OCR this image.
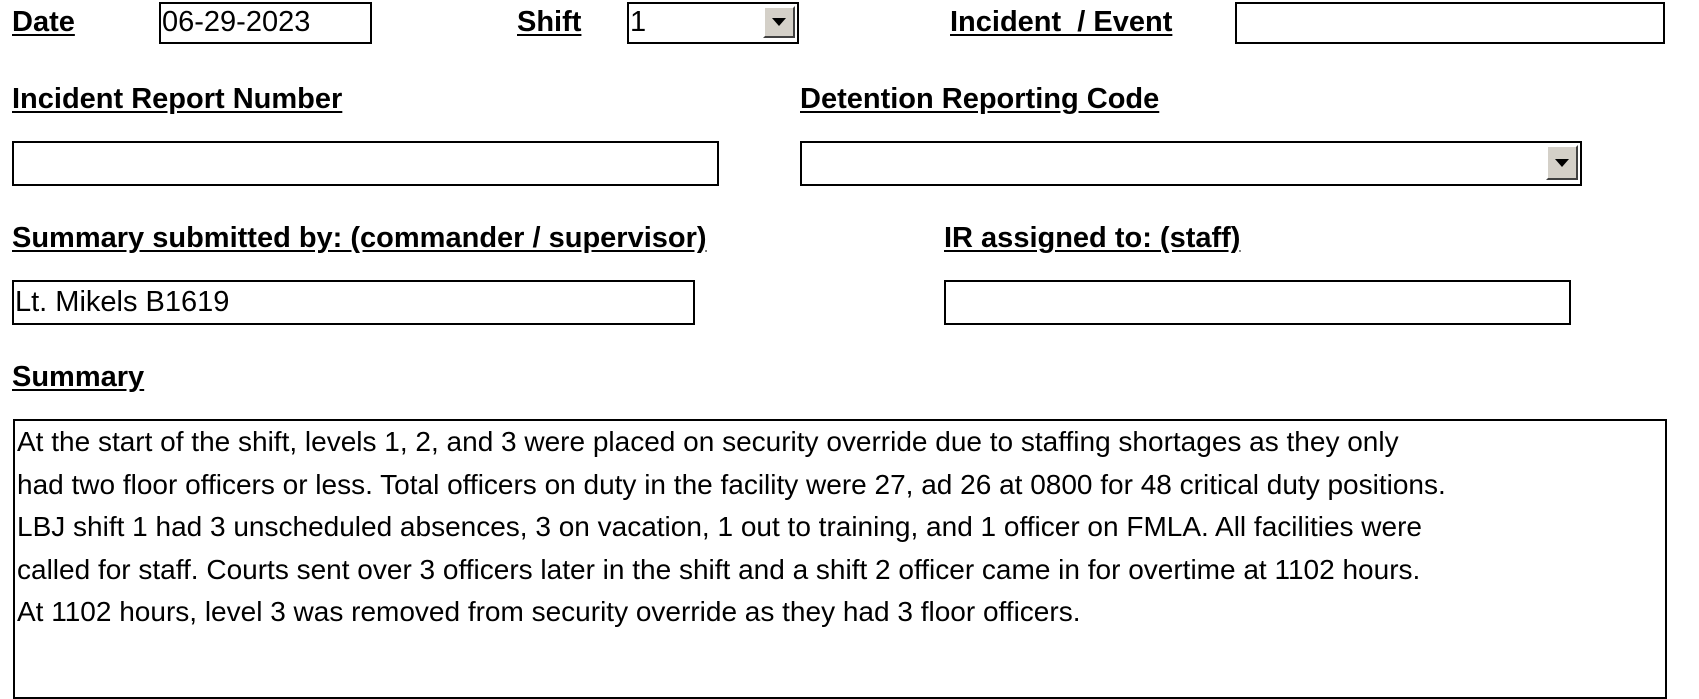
Date	06-29-2023	Shift 1	Incident  / Event
Incident Report Number	Detention Reporting Code
Summary submitted by: (commander / supervisor)
Lt. Mikels B1619
IR assigned to: (staff)
Summary
At the start of the shift, levels 1, 2, and 3 were placed on security override due to staffing shortages as they only
had two floor officers or less. Total officers on duty in the facility were 27, ad 26 at 0800 for 48 critical duty positions.
LBJ shift 1 had 3 unscheduled absences, 3 on vacation, 1 out to training, and 1 officer on FMLA. All facilities were
called for staff. Courts sent over 3 officers later in the shift and a shift 2 officer came in for overtime at 1102 hours.
At 1102 hours, level 3 was removed from security override as they had 3 floor officers.
